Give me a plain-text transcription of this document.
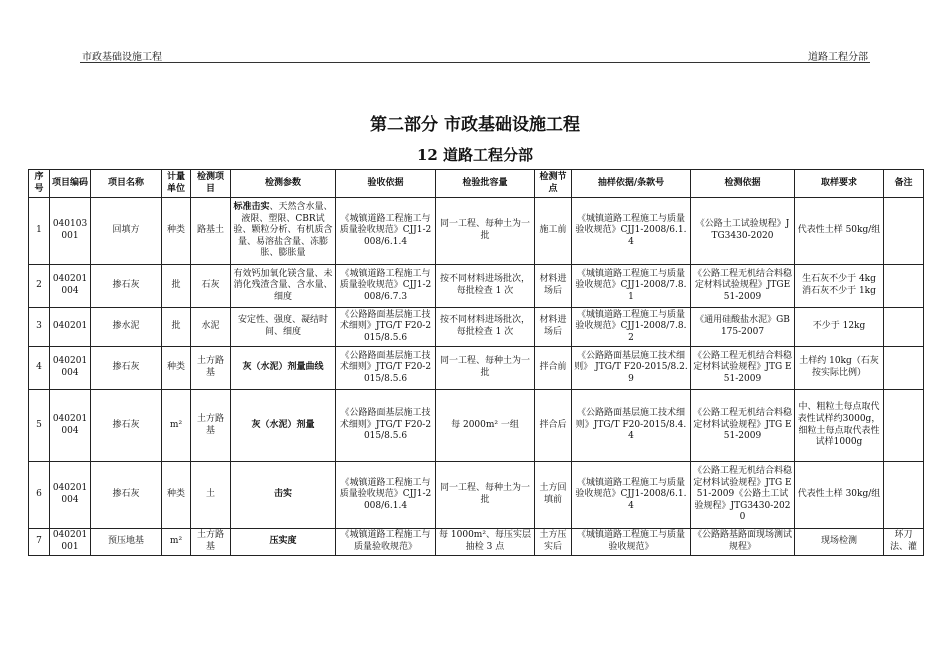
市政基础设施工程	道路工程分部
第二部分 市政基础设施工程
12 道路工程分部
序号	项目编码	项目名称	计量单位	检测项目	检测参数	验收依据	检验批容量	检测节点	抽样依据/条款号	检测依据	取样要求	备注
1	040103001	回填方	种类	路基土	标准击实、天然含水量、液限、塑限、CBR试验、颗粒分析、有机质含量、易溶盐含量、冻膨胀、膨胀量	《城镇道路工程施工与质量验收规范》CJJ1-2008/6.1.4	同一工程、每种土为一批	施工前	《城镇道路工程施工与质量验收规范》CJJ1-2008/6.1.4	《公路土工试验规程》JTG3430-2020	代表性土样 50kg/组	
2	040201004	掺石灰	批	石灰	有效钙加氧化镁含量、未消化残渣含量、含水量、细度	《城镇道路工程施工与质量验收规范》CJJ1-2008/6.7.3	按不同材料进场批次，每批检查 1 次	材料进场后	《城镇道路工程施工与质量验收规范》CJJ1-2008/7.8.1	《公路工程无机结合料稳定材料试验规程》JTGE51-2009	生石灰不少于 4kg 消石灰不少于 1kg	
3	040201	掺水泥	批	水泥	安定性、强度、凝结时间、细度	《公路路面基层施工技术细则》JTG/T F20-2015/8.5.6	按不同材料进场批次，每批检查 1 次	材料进场后	《城镇道路工程施工与质量验收规范》CJJ1-2008/7.8.2	《通用硅酸盐水泥》GB175-2007	不少于 12kg	
4	040201004	掺石灰	种类	土方路基	灰（水泥）剂量曲线	《公路路面基层施工技术细则》JTG/T F20-2015/8.5.6	同一工程、每种土为一批	拌合前	《公路路面基层施工技术细则》 JTG/T F20-2015/8.2.9	《公路工程无机结合料稳定材料试验规程》JTG E51-2009	土样约 10kg（石灰按实际比例）	
5	040201004	掺石灰	m²	土方路基	灰（水泥）剂量	《公路路面基层施工技术细则》JTG/T F20-2015/8.5.6	每 2000m² 一组	拌合后	《公路路面基层施工技术细则》JTG/T F20-2015/8.4.4	《公路工程无机结合料稳定材料试验规程》JTG E51-2009	中、粗粒土每点取代表性试样约3000g，细粒土每点取代表性试样1000g	
6	040201004	掺石灰	种类	土	击实	《城镇道路工程施工与质量验收规范》CJJ1-2008/6.1.4	同一工程、每种土为一批	土方回填前	《城镇道路工程施工与质量验收规范》CJJ1-2008/6.1.4	《公路工程无机结合料稳定材料试验规程》JTG E51-2009《公路土工试验规程》JTG3430-2020	代表性土样 30kg/组	
7	040201001	预压地基	m²	土方路基	压实度	《城镇道路工程施工与质量验收规范》	每 1000m²、每压实层抽检 3 点	土方压实后	《城镇道路工程施工与质量验收规范》	《公路路基路面现场测试规程》	现场检测	环刀法、灌
